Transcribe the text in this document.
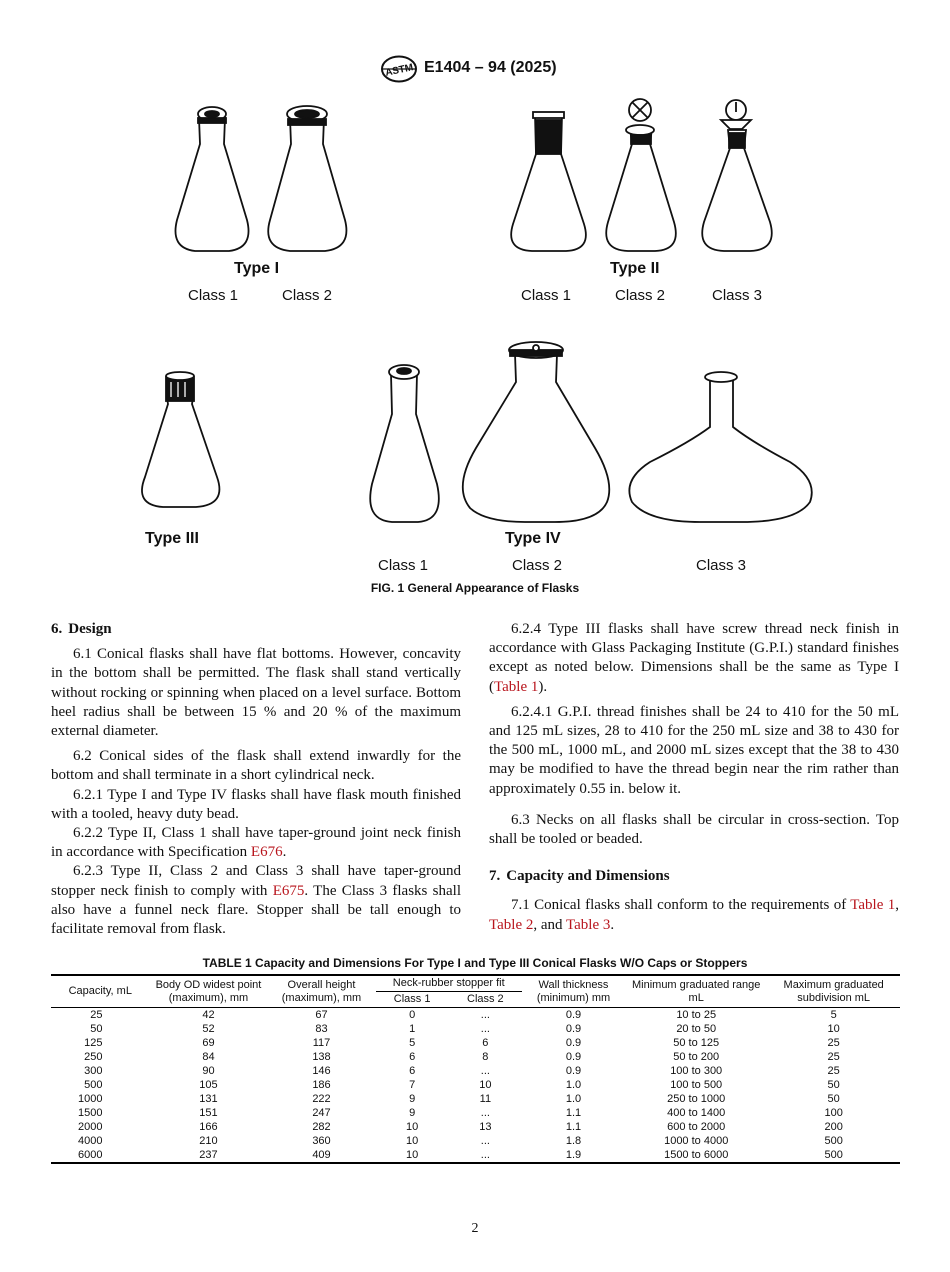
ASTM E1404 – 94 (2025)
Type I
Class 1	Class 2
Type II
Class 1	Class 2	Class 3
Type III	Type IV
Class 1	Class 2	Class 3
FIG. 1 General Appearance of Flasks
6. Design

6.1 Conical flasks shall have flat bottoms. However, concavity in the bottom shall be permitted. The flask shall stand vertically without rocking or spinning when placed on a level surface. Bottom heel radius shall be between 15 % and 20 % of the maximum external diameter.

6.2 Conical sides of the flask shall extend inwardly for the bottom and shall terminate in a short cylindrical neck.

6.2.1 Type I and Type IV flasks shall have flask mouth finished with a tooled, heavy duty bead.

6.2.2 Type II, Class 1 shall have taper-ground joint neck finish in accordance with Specification E676.

6.2.3 Type II, Class 2 and Class 3 shall have taper-ground stopper neck finish to comply with E675. The Class 3 flasks shall also have a funnel neck flare. Stopper shall be tall enough to facilitate removal from flask.

6.2.4 Type III flasks shall have screw thread neck finish in accordance with Glass Packaging Institute (G.P.I.) standard finishes except as noted below. Dimensions shall be the same as Type I (Table 1).

6.2.4.1 G.P.I. thread finishes shall be 24 to 410 for the 50 mL and 125 mL sizes, 28 to 410 for the 250 mL size and 38 to 430 for the 500 mL, 1000 mL, and 2000 mL sizes except that the 38 to 430 may be modified to have the thread begin near the rim rather than approximately 0.55 in. below it.

6.3 Necks on all flasks shall be circular in cross-section. Top shall be tooled or beaded.

7. Capacity and Dimensions

7.1 Conical flasks shall conform to the requirements of Table 1, Table 2, and Table 3.

TABLE 1 Capacity and Dimensions For Type I and Type III Conical Flasks W/O Caps or Stoppers
Capacity, mL	Body OD widest point (maximum), mm	Overall height (maximum), mm	Neck-rubber stopper fit		Wall thickness (minimum) mm	Minimum graduated range mL	Maximum graduated subdivision mL
			Class 1	Class 2			
25	42	67	0	...	0.9	10 to 25	5
50	52	83	1	...	0.9	20 to 50	10
125	69	117	5	6	0.9	50 to 125	25
250	84	138	6	8	0.9	50 to 200	25
300	90	146	6	...	0.9	100 to 300	25
500	105	186	7	10	1.0	100 to 500	50
1000	131	222	9	11	1.0	250 to 1000	50
1500	151	247	9	...	1.1	400 to 1400	100
2000	166	282	10	13	1.1	600 to 2000	200
4000	210	360	10	...	1.8	1000 to 4000	500
6000	237	409	10	...	1.9	1500 to 6000	500
2
